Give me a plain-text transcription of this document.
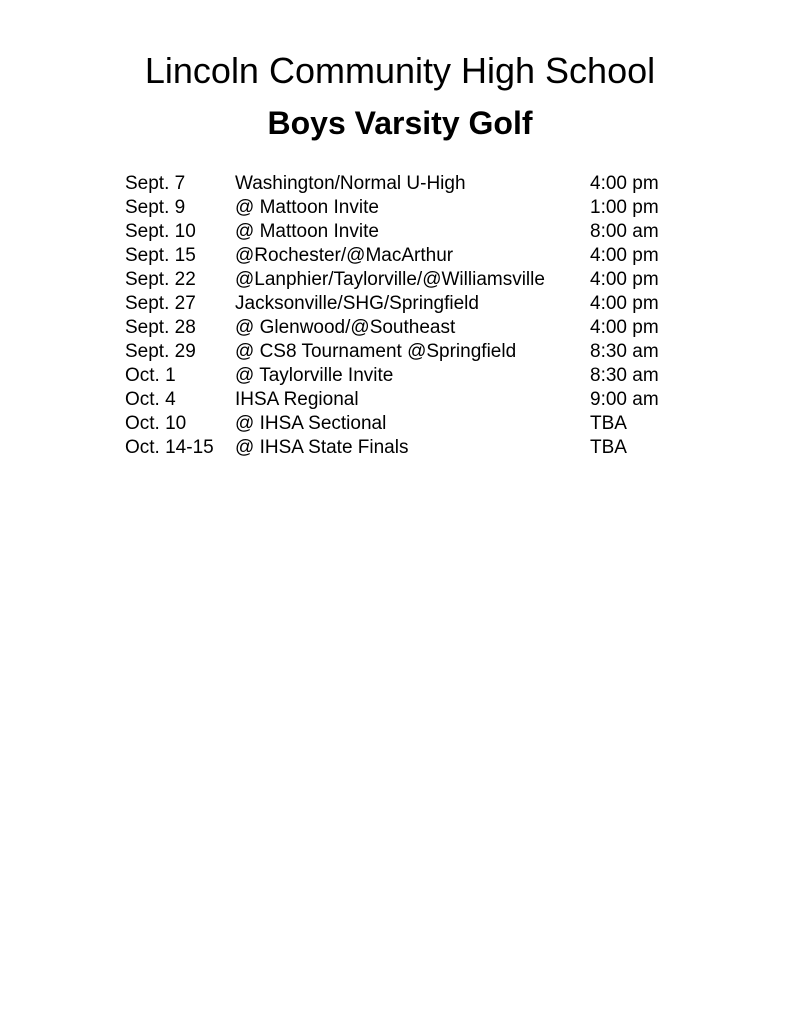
Lincoln Community High School
Boys Varsity Golf
Sept. 7	Washington/Normal U-High	4:00 pm
Sept. 9	@ Mattoon Invite	1:00 pm
Sept. 10	@ Mattoon Invite	8:00 am
Sept. 15	@Rochester/@MacArthur	4:00 pm
Sept. 22	@Lanphier/Taylorville/@Williamsville	4:00 pm
Sept. 27	Jacksonville/SHG/Springfield	4:00 pm
Sept. 28	@ Glenwood/@Southeast	4:00 pm
Sept. 29	@ CS8 Tournament @Springfield	8:30 am
Oct. 1	@ Taylorville Invite	8:30 am
Oct. 4	IHSA Regional	9:00 am
Oct. 10	@ IHSA Sectional	TBA
Oct. 14-15	@ IHSA State Finals	TBA
